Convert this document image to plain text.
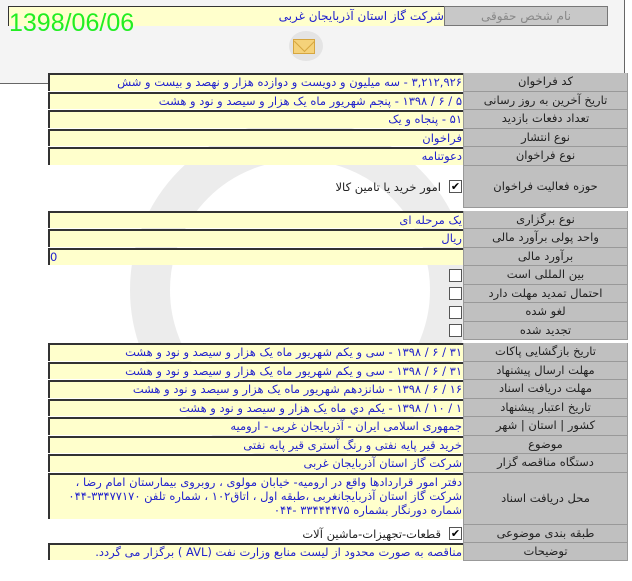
نام شخص حقوقی
شرکت گاز استان آذربایجان غربی
1398/06/06
کد فراخوان
۳,۲۱۲,۹۲۶ - سه میلیون و دویست و دوازده هزار و نهصد و بیست و شش
تاریخ آخرین به روز رسانی
۵ / ۶ / ۱۳۹۸ - پنجم شهریور ماه یک هزار و سیصد و نود و هشت
تعداد دفعات بازدید
۵۱ - پنجاه و یک
نوع انتشار
فراخوان
نوع فراخوان
دعوتنامه
حوزه فعالیت فراخوان
✔
امور خرید یا تامین کالا
نوع برگزاری
یک مرحله ای
واحد پولی برآورد مالی
ریال
برآورد مالی
0
بین المللی است
احتمال تمدید مهلت دارد
لغو شده
تجدید شده
تاریخ بازگشایی پاکات
۳۱ / ۶ / ۱۳۹۸ - سی و یکم شهریور ماه یک هزار و سیصد و نود و هشت
مهلت ارسال پیشنهاد
۳۱ / ۶ / ۱۳۹۸ - سی و یکم شهریور ماه یک هزار و سیصد و نود و هشت
مهلت دریافت اسناد
۱۶ / ۶ / ۱۳۹۸ - شانزدهم شهریور ماه یک هزار و سیصد و نود و هشت
تاریخ اعتبار پیشنهاد
۱ / ۱۰ / ۱۳۹۸ - یکم دي ماه یک هزار و سیصد و نود و هشت
کشور | استان | شهر
جمهوری اسلامی ایران - آذربایجان غربی - ارومیه
موضوع
خرید قیر پایه نفتی و رنگ آستری قیر پایه نفتی
دستگاه مناقصه گزار
شرکت گاز استان آذربایجان غربی
محل دریافت اسناد
دفتر امور قراردادها واقع در ارومیه- خیابان مولوی ، روبروی بیمارستان امام رضا ، شرکت گاز استان آذربایجانغربی ،طبقه اول ، اتاق۱۰۲ ، شماره تلفن ۳۳۴۷۷۱۷۰-۰۴۴ شماره دورنگار بشماره ۳۳۴۴۴۴۷۵ -۰۴۴
طبقه بندی موضوعی
✔
قطعات-تجهیزات-ماشین آلات
توضیحات
مناقصه به صورت محدود از لیست منابع وزارت نفت (AVL ) برگزار می گردد.
